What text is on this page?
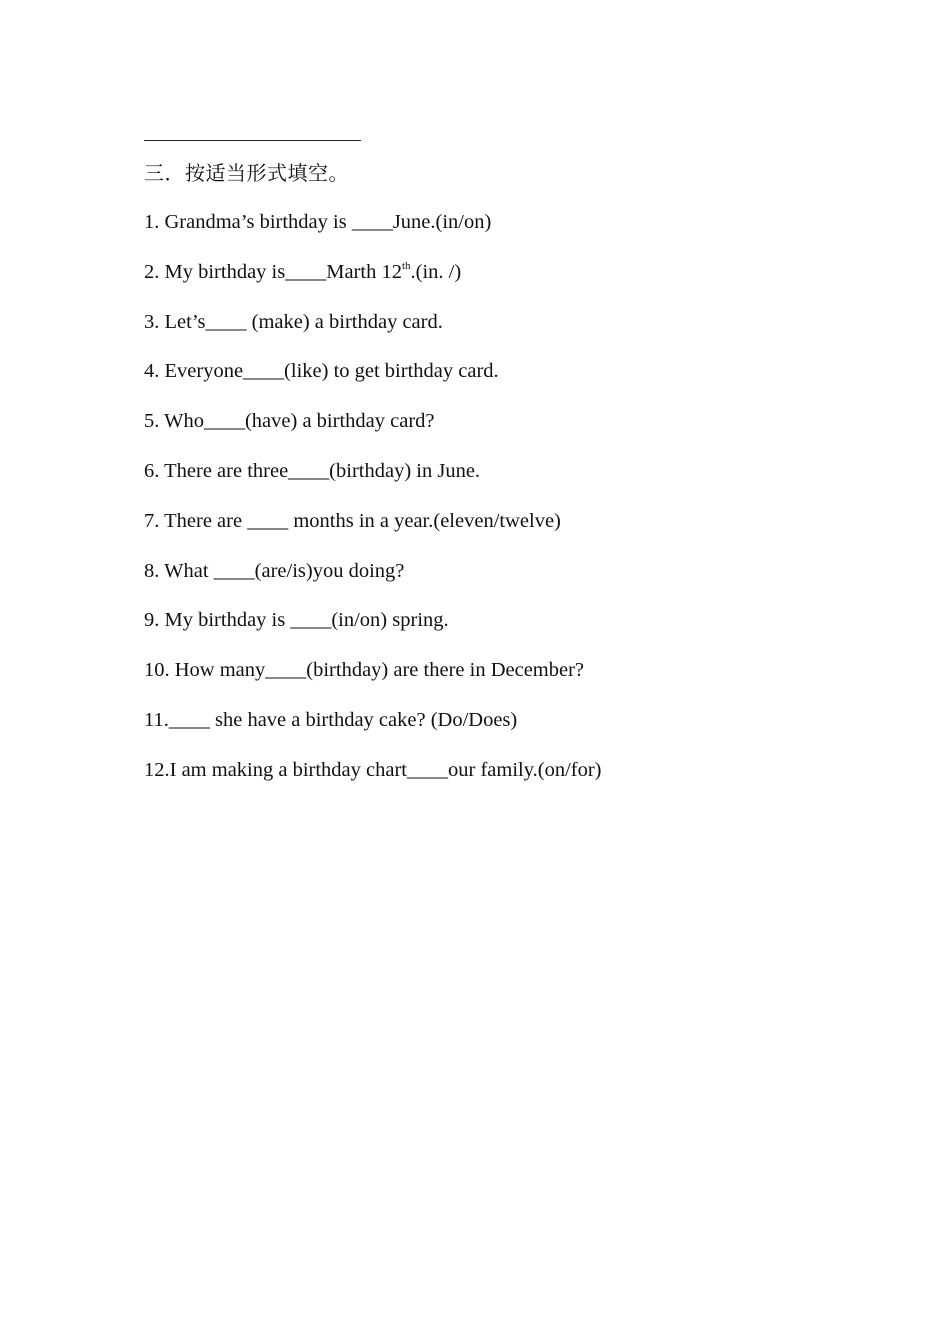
三．按适当形式填空。
1. Grandma’s birthday is ____June.(in/on)
2. My birthday is____Marth 12th.(in. /)
3. Let’s____ (make) a birthday card.
4. Everyone____(like) to get birthday card.
5. Who____(have) a birthday card?
6. There are three____(birthday) in June.
7. There are ____ months in a year.(eleven/twelve)
8. What ____(are/is)you doing?
9. My birthday is ____(in/on) spring.
10. How many____(birthday) are there in December?
11.____ she have a birthday cake? (Do/Does)
12.I am making a birthday chart____our family.(on/for)
